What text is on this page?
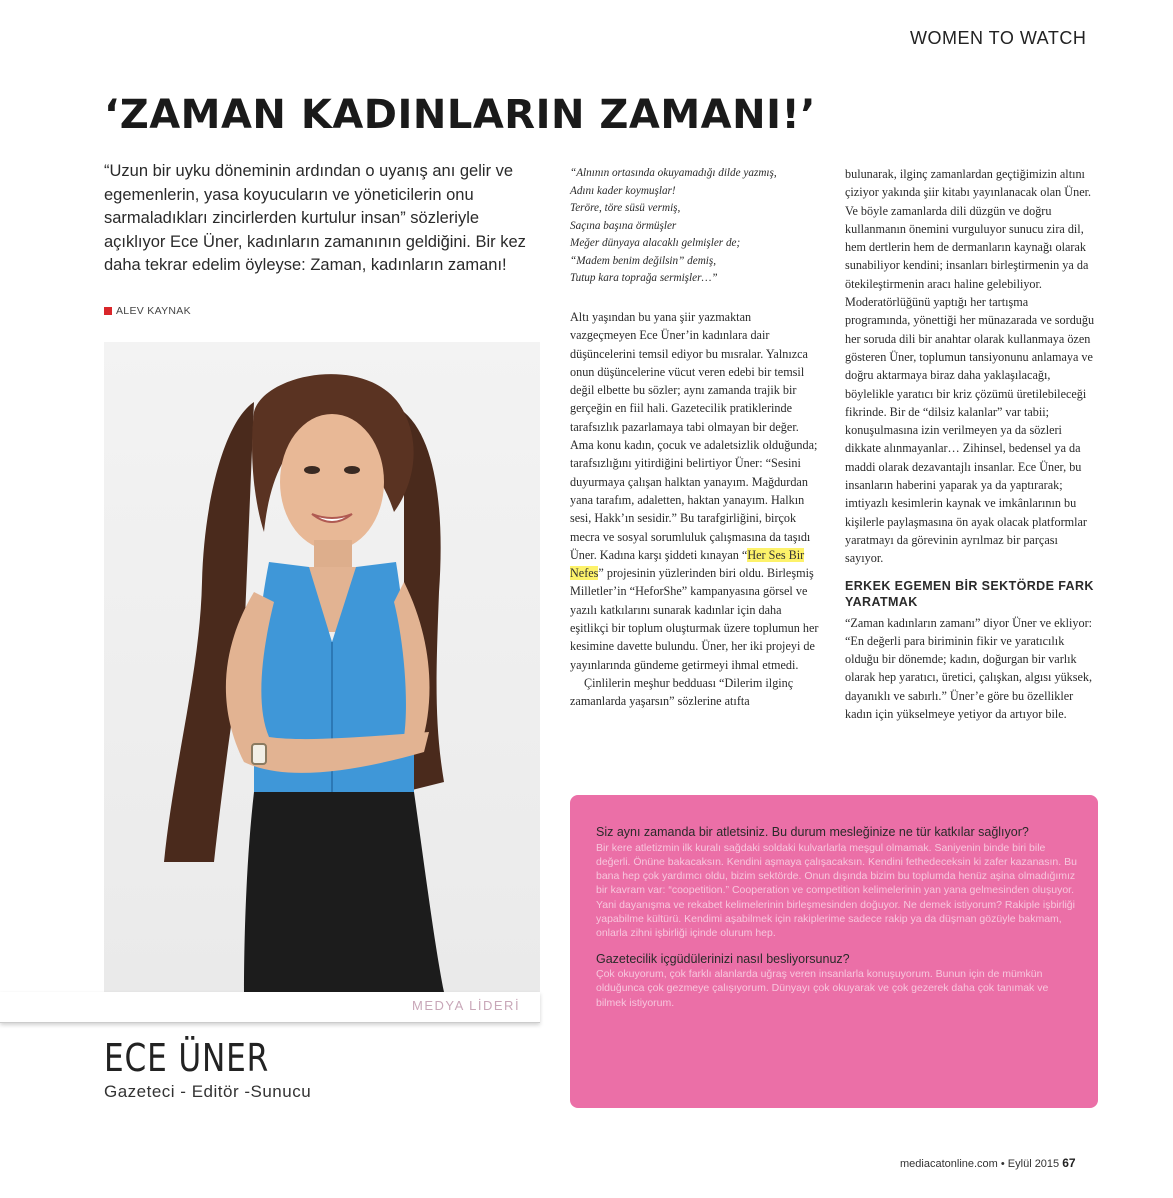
WOMEN TO WATCH
‘ZAMAN KADINLARIN ZAMANI!’

“Uzun bir uyku döneminin ardından o uyanış anı gelir ve egemenlerin, yasa koyucuların ve yöneticilerin onu sarmaladıkları zincirlerden kurtulur insan” sözleriyle açıklıyor Ece Üner, kadınların zamanının geldiğini. Bir kez daha tekrar edelim öyleyse: Zaman, kadınların zamanı!

ALEV KAYNAK
MEDYA LİDERİ
ECE ÜNER
Gazeteci - Editör -Sunucu

“Alnının ortasında okuyamadığı dilde yazmış,

Adını kader koymuşlar!

Teröre, töre süsü vermiş,

Saçına başına örmüşler

Meğer dünyaya alacaklı gelmişler de;

“Madem benim değilsin” demiş,

Tutup kara toprağa sermişler…”

Altı yaşından bu yana şiir yazmaktan vazgeçmeyen Ece Üner’in kadınlara dair düşüncelerini temsil ediyor bu mısralar. Yalnızca onun düşüncelerine vücut veren edebi bir temsil değil elbette bu sözler; aynı zamanda trajik bir gerçeğin en fiil hali. Gazetecilik pratiklerinde tarafsızlık pazarlamaya tabi olmayan bir değer. Ama konu kadın, çocuk ve adaletsizlik olduğunda; tarafsızlığını yitirdiğini belirtiyor Üner: “Sesini duyurmaya çalışan halktan yanayım. Mağdurdan yana tarafım, adaletten, haktan yanayım. Halkın sesi, Hakk’ın sesidir.” Bu tarafgirliğini, birçok mecra ve sosyal sorumluluk çalışmasına da taşıdı Üner. Kadına karşı şiddeti kınayan “Her Ses Bir Nefes” projesinin yüzlerinden biri oldu. Birleşmiş Milletler’in “HeforShe” kampanyasına görsel ve yazılı katkılarını sunarak kadınlar için daha eşitlikçi bir toplum oluşturmak üzere toplumun her kesimine davette bulundu. Üner, her iki projeyi de yayınlarında gündeme getirmeyi ihmal etmedi.

Çinlilerin meşhur bedduası “Dilerim ilginç zamanlarda yaşarsın” sözlerine atıfta

bulunarak, ilginç zamanlardan geçtiğimizin altını çiziyor yakında şiir kitabı yayınlanacak olan Üner. Ve böyle zamanlarda dili düzgün ve doğru kullanmanın önemini vurguluyor sunucu zira dil, hem dertlerin hem de dermanların kaynağı olarak sunabiliyor kendini; insanları birleştirmenin ya da ötekileştirmenin aracı haline gelebiliyor. Moderatörlüğünü yaptığı her tartışma programında, yönettiği her münazarada ve sorduğu her soruda dili bir anahtar olarak kullanmaya özen gösteren Üner, toplumun tansiyonunu anlamaya ve doğru aktarmaya biraz daha yaklaşılacağı, böylelikle yaratıcı bir kriz çözümü üretilebileceği fikrinde. Bir de “dilsiz kalanlar” var tabii; konuşulmasına izin verilmeyen ya da sözleri dikkate alınmayanlar… Zihinsel, bedensel ya da maddi olarak dezavantajlı insanlar. Ece Üner, bu insanların haberini yaparak ya da yaptırarak; imtiyazlı kesimlerin kaynak ve imkânlarının bu kişilerle paylaşmasına ön ayak olacak platformlar yaratmayı da görevinin ayrılmaz bir parçası sayıyor.

ERKEK EGEMEN BİR SEKTÖRDE FARK YARATMAK

“Zaman kadınların zamanı” diyor Üner ve ekliyor: “En değerli para biriminin fikir ve yaratıcılık olduğu bir dönemde; kadın, doğurgan bir varlık olarak hep yaratıcı, üretici, çalışkan, algısı yüksek, dayanıklı ve sabırlı.” Üner’e göre bu özellikler kadın için yükselmeye yetiyor da artıyor bile.

Siz aynı zamanda bir atletsiniz. Bu durum mesleğinize ne tür katkılar sağlıyor?

Bir kere atletizmin ilk kuralı sağdaki soldaki kulvarlarla meşgul olmamak. Saniyenin binde biri bile değerli. Önüne bakacaksın. Kendini aşmaya çalışacaksın. Kendini fethedeceksin ki zafer kazanasın. Bu bana hep çok yardımcı oldu, bizim sektörde. Onun dışında bizim bu toplumda henüz aşina olmadığımız bir kavram var: “coopetition.” Cooperation ve competition kelimelerinin yan yana gelmesinden oluşuyor. Yani dayanışma ve rekabet kelimelerinin birleşmesinden doğuyor. Ne demek istiyorum? Rakiple işbirliği yapabilme kültürü. Kendimi aşabilmek için rakiplerime sadece rakip ya da düşman gözüyle bakmam, onlarla zihni işbirliği içinde olurum hep.

Gazetecilik içgüdülerinizi nasıl besliyorsunuz?

Çok okuyorum, çok farklı alanlarda uğraş veren insanlarla konuşuyorum. Bunun için de mümkün olduğunca çok gezmeye çalışıyorum. Dünyayı çok okuyarak ve çok gezerek daha çok tanımak ve bilmek istiyorum.

mediacatonline.com • Eylül 2015 67
